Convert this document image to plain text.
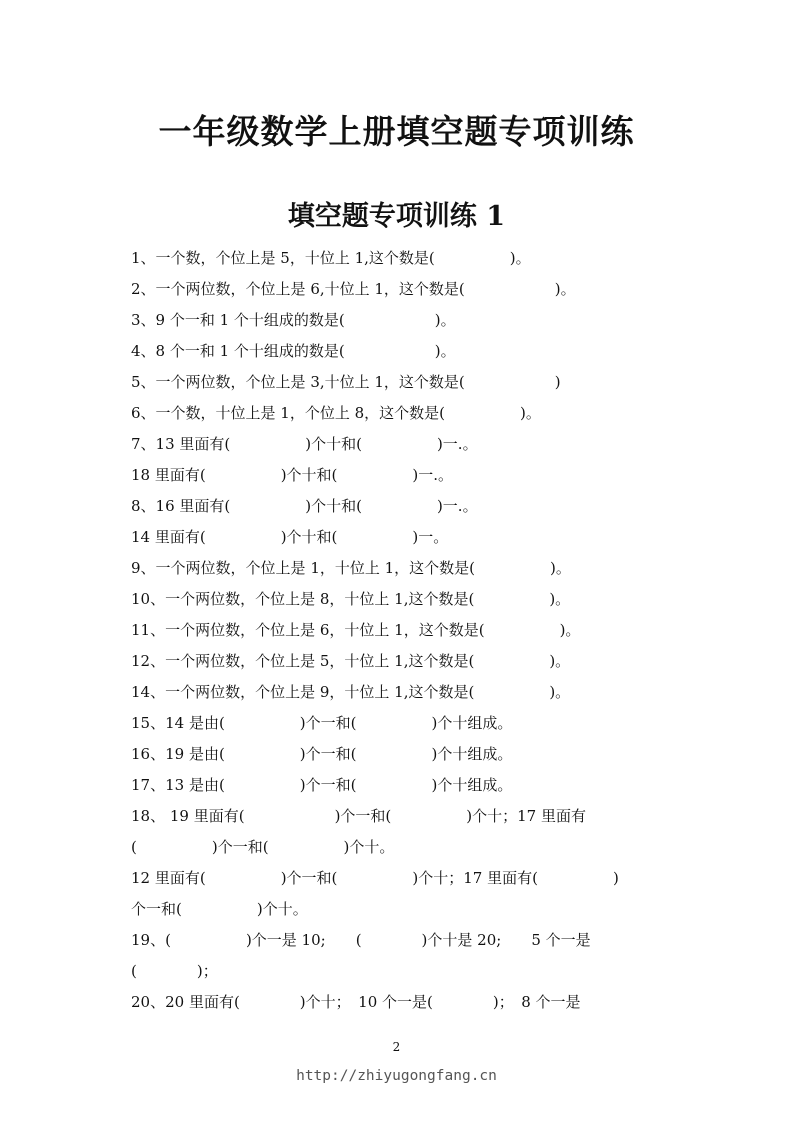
一年级数学上册填空题专项训练
填空题专项训练 1
1、一个数，个位上是 5，十位上 1,这个数是(　　　　　)。
2、一个两位数，个位上是 6,十位上 1，这个数是(　　　　　　)。
3、9 个一和 1 个十组成的数是(　　　　　　)。
4、8 个一和 1 个十组成的数是(　　　　　　)。
5、一个两位数，个位上是 3,十位上 1，这个数是(　　　　　　)
6、一个数，十位上是 1，个位上 8，这个数是(　　　　　)。
7、13 里面有(　　　　　)个十和(　　　　　)一.。
18 里面有(　　　　　)个十和(　　　　　)一.。
8、16 里面有(　　　　　)个十和(　　　　　)一.。
14 里面有(　　　　　)个十和(　　　　　)一。
9、一个两位数，个位上是 1，十位上 1，这个数是(　　　　　)。
10、一个两位数，个位上是 8，十位上 1,这个数是(　　　　　)。
11、一个两位数，个位上是 6，十位上 1，这个数是(　　　　　)。
12、一个两位数，个位上是 5，十位上 1,这个数是(　　　　　)。
14、一个两位数，个位上是 9，十位上 1,这个数是(　　　　　)。
15、14 是由(　　　　　)个一和(　　　　　)个十组成。
16、19 是由(　　　　　)个一和(　　　　　)个十组成。
17、13 是由(　　　　　)个一和(　　　　　)个十组成。
18、 19 里面有(　　　　　　)个一和(　　　　　)个十；17 里面有
(　　　　　)个一和(　　　　　)个十。
12 里面有(　　　　　)个一和(　　　　　)个十；17 里面有(　　　　　)
个一和(　　　　　)个十。
19、(　　　　　)个一是 10;　　(　　　　)个十是 20;　　5 个一是
(　　　　)；
20、20 里面有(　　　　)个十；　10 个一是(　　　　)；　8 个一是
2
http://zhiyugongfang.cn
